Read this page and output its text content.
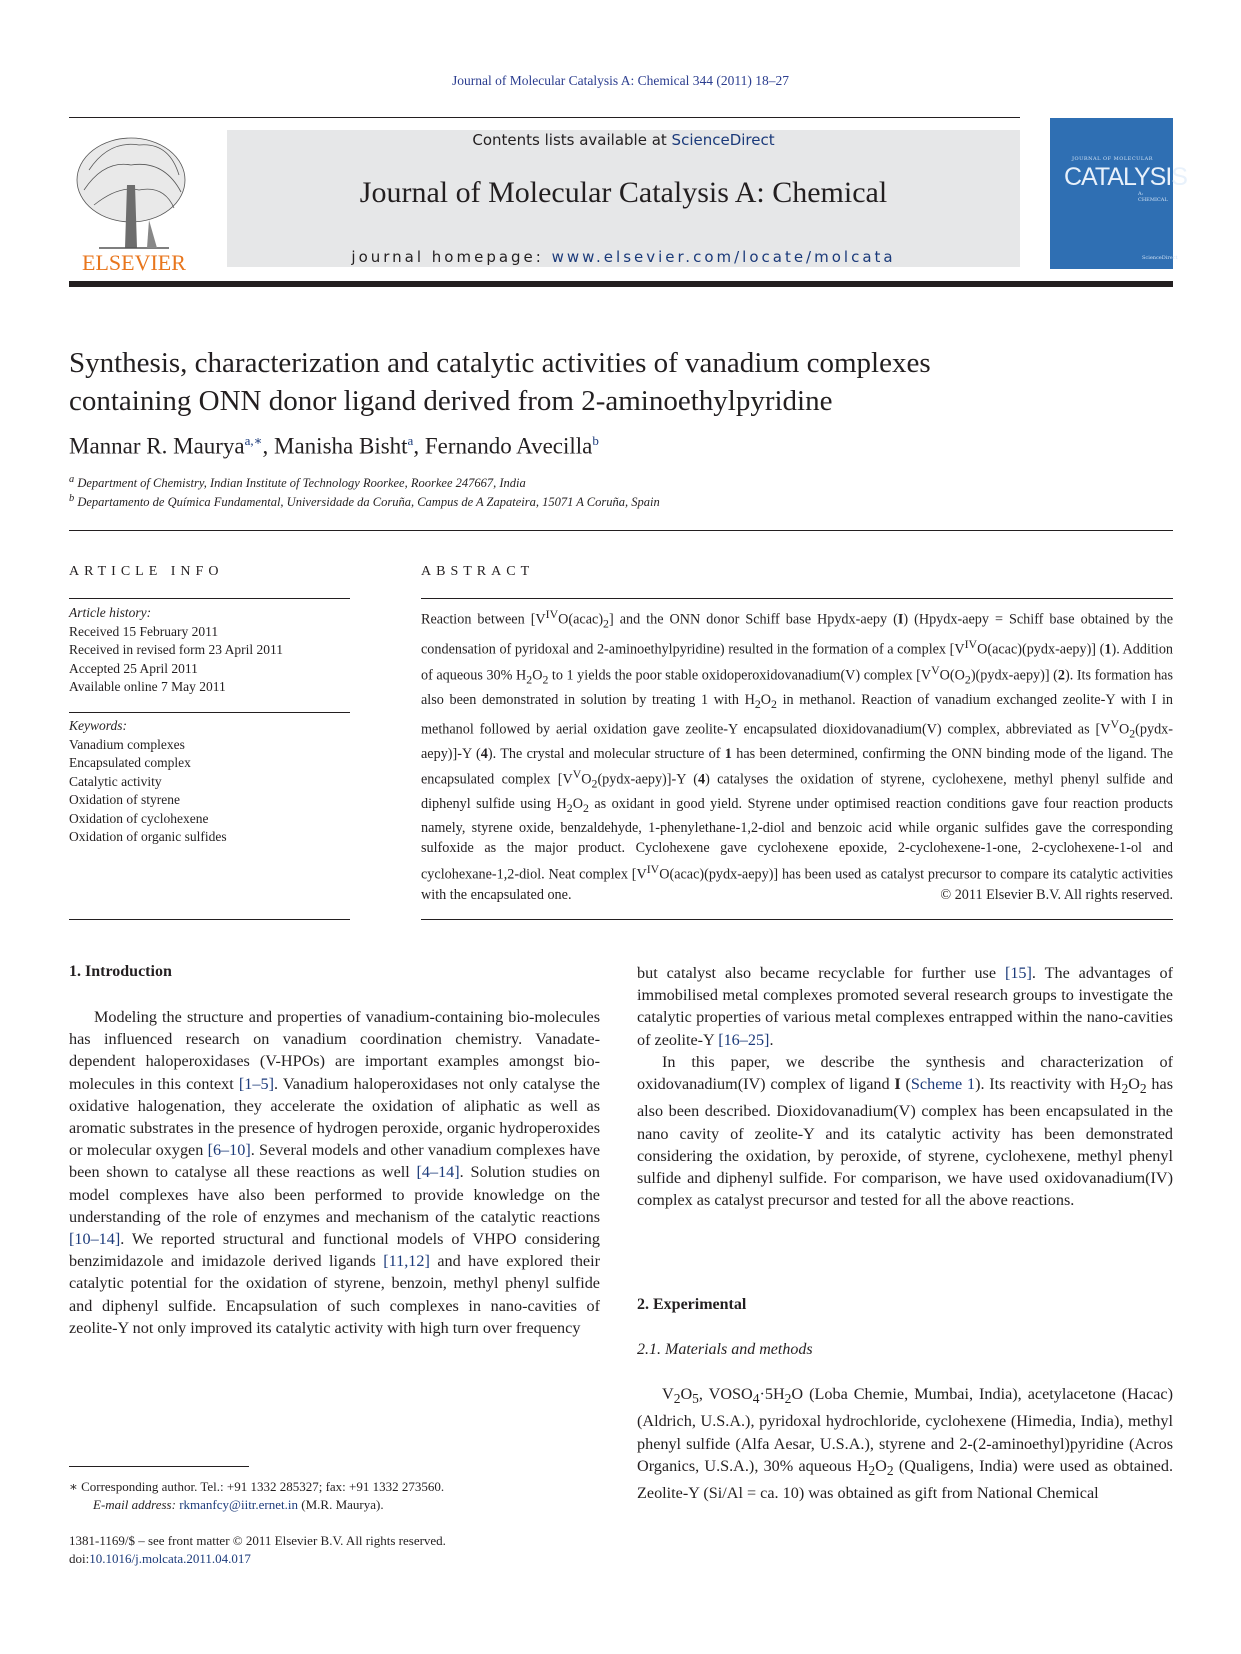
Journal of Molecular Catalysis A: Chemical 344 (2011) 18–27
ELSEVIER
Contents lists available at ScienceDirect
Journal of Molecular Catalysis A: Chemical
journal homepage: www.elsevier.com/locate/molcata
JOURNAL OF MOLECULAR
CATALYSIS
A: CHEMICAL
ScienceDirect
Synthesis, characterization and catalytic activities of vanadium complexes
containing ONN donor ligand derived from 2-aminoethylpyridine
Mannar R. Maurya$^{a,∗}$, Manisha Bisht$^a$, Fernando Avecilla$^b$
$^a$ Department of Chemistry, Indian Institute of Technology Roorkee, Roorkee 247667, India
$^b$ Departamento de Química Fundamental, Universidade da Coruña, Campus de A Zapateira, 15071 A Coruña, Spain
ARTICLE INFO	ABSTRACT
Article history:
Received 15 February 2011
Received in revised form 23 April 2011
Accepted 25 April 2011
Available online 7 May 2011
Keywords:
Vanadium complexes
Encapsulated complex
Catalytic activity
Oxidation of styrene
Oxidation of cyclohexene
Oxidation of organic sulfides
Reaction between $[V^{IV}O(acac)_2]$ and the ONN donor Schiff base Hpydx-aepy (I) (Hpydx-aepy = Schiff base obtained by the condensation of pyridoxal and 2-aminoethylpyridine) resulted in the formation of a complex $[V^{IV}O(acac)(pydx-aepy)]$ (1). Addition of aqueous 30% $H_2O_2$ to 1 yields the poor stable oxidoperoxidovanadium(V) complex $[V^VO(O_2)(pydx-aepy)]$ (2). Its formation has also been demonstrated in solution by treating 1 with $H_2O_2$ in methanol. Reaction of vanadium exchanged zeolite-Y with I in methanol followed by aerial oxidation gave zeolite-Y encapsulated dioxidovanadium(V) complex, abbreviated as $[V^VO_2(pydx-aepy)]-Y$ (4). The crystal and molecular structure of 1 has been determined, confirming the ONN binding mode of the ligand. The encapsulated complex $[V^VO_2(pydx-aepy)]-Y$ (4) catalyses the oxidation of styrene, cyclohexene, methyl phenyl sulfide and diphenyl sulfide using $H_2O_2$ as oxidant in good yield. Styrene under optimised reaction conditions gave four reaction products namely, styrene oxide, benzaldehyde, 1-phenylethane-1,2-diol and benzoic acid while organic sulfides gave the corresponding sulfoxide as the major product. Cyclohexene gave cyclohexene epoxide, 2-cyclohexene-1-one, 2-cyclohexene-1-ol and cyclohexane-1,2-diol. Neat complex $[V^{IV}O(acac)(pydx-aepy)]$ has been used as catalyst precursor to compare its catalytic activities with the encapsulated one.	© 2011 Elsevier B.V. All rights reserved.
1. Introduction

Modeling the structure and properties of vanadium-containing bio-molecules has influenced research on vanadium coordination chemistry. Vanadate-dependent haloperoxidases (V-HPOs) are important examples amongst bio-molecules in this context [1–5]. Vanadium haloperoxidases not only catalyse the oxidative halogenation, they accelerate the oxidation of aliphatic as well as aromatic substrates in the presence of hydrogen peroxide, organic hydroperoxides or molecular oxygen [6–10]. Several models and other vanadium complexes have been shown to catalyse all these reactions as well [4–14]. Solution studies on model complexes have also been performed to provide knowledge on the understanding of the role of enzymes and mechanism of the catalytic reactions [10–14]. We reported structural and functional models of VHPO considering benzimidazole and imidazole derived ligands [11,12] and have explored their catalytic potential for the oxidation of styrene, benzoin, methyl phenyl sulfide and diphenyl sulfide. Encapsulation of such complexes in nano-cavities of zeolite-Y not only improved its catalytic activity with high turn over frequency

but catalyst also became recyclable for further use [15]. The advantages of immobilised metal complexes promoted several research groups to investigate the catalytic properties of various metal complexes entrapped within the nano-cavities of zeolite-Y [16–25].

In this paper, we describe the synthesis and characterization of oxidovanadium(IV) complex of ligand I (Scheme 1). Its reactivity with $H_2O_2$ has also been described. Dioxidovanadium(V) complex has been encapsulated in the nano cavity of zeolite-Y and its catalytic activity has been demonstrated considering the oxidation, by peroxide, of styrene, cyclohexene, methyl phenyl sulfide and diphenyl sulfide. For comparison, we have used oxidovanadium(IV) complex as catalyst precursor and tested for all the above reactions.

2. Experimental
2.1. Materials and methods

$V_2O_5$, $VOSO_4\cdot 5H_2O$ (Loba Chemie, Mumbai, India), acetylacetone (Hacac) (Aldrich, U.S.A.), pyridoxal hydrochloride, cyclohexene (Himedia, India), methyl phenyl sulfide (Alfa Aesar, U.S.A.), styrene and 2-(2-aminoethyl)pyridine (Acros Organics, U.S.A.), 30% aqueous $H_2O_2$ (Qualigens, India) were used as obtained. Zeolite-Y (Si/Al = ca. 10) was obtained as gift from National Chemical

∗ Corresponding author. Tel.: +91 1332 285327; fax: +91 1332 273560.
E-mail address: rkmanfcy@iitr.ernet.in (M.R. Maurya).
1381-1169/$ – see front matter © 2011 Elsevier B.V. All rights reserved.
doi:10.1016/j.molcata.2011.04.017
